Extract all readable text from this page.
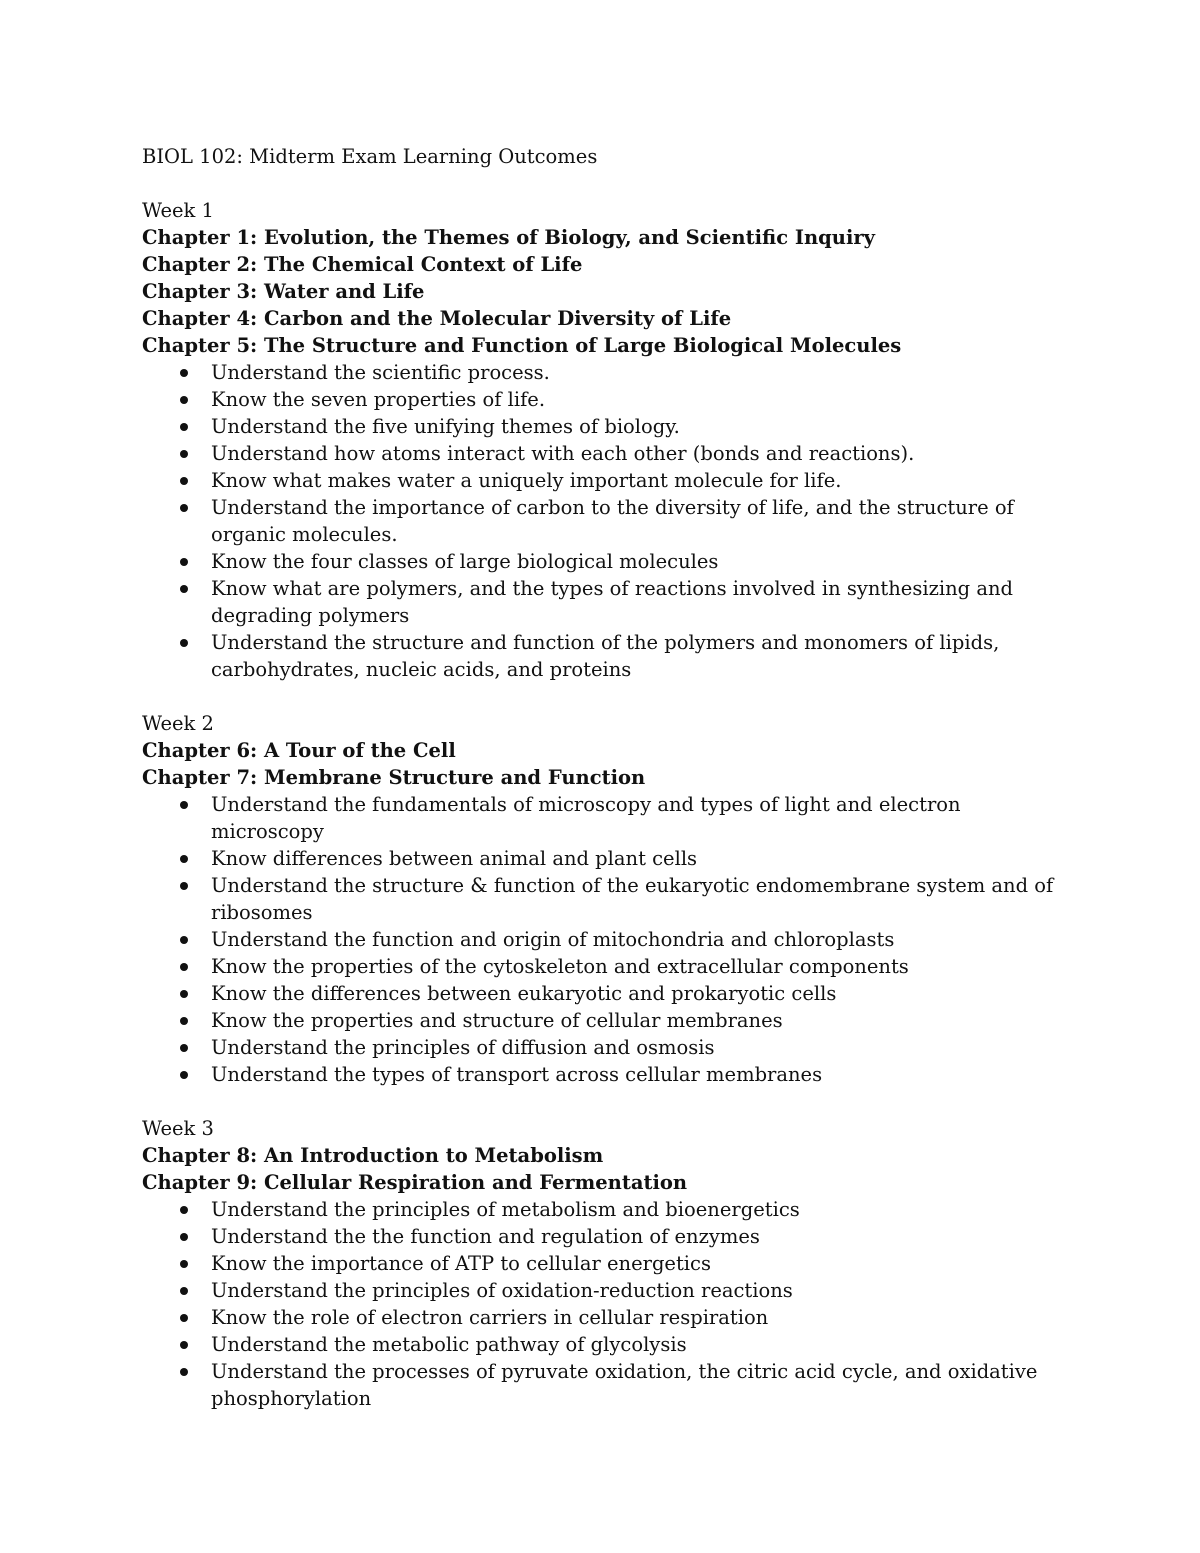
BIOL 102: Midterm Exam Learning Outcomes
Week 1
Chapter 1: Evolution, the Themes of Biology, and Scientific Inquiry
Chapter 2: The Chemical Context of Life
Chapter 3: Water and Life
Chapter 4: Carbon and the Molecular Diversity of Life
Chapter 5: The Structure and Function of Large Biological Molecules
Understand the scientific process.
Know the seven properties of life.
Understand the five unifying themes of biology.
Understand how atoms interact with each other (bonds and reactions).
Know what makes water a uniquely important molecule for life.
Understand the importance of carbon to the diversity of life, and the structure of organic molecules.
Know the four classes of large biological molecules
Know what are polymers, and the types of reactions involved in synthesizing and degrading polymers
Understand the structure and function of the polymers and monomers of lipids, carbohydrates, nucleic acids, and proteins
Week 2
Chapter 6: A Tour of the Cell
Chapter 7: Membrane Structure and Function
Understand the fundamentals of microscopy and types of light and electron microscopy
Know differences between animal and plant cells
Understand the structure & function of the eukaryotic endomembrane system and of ribosomes
Understand the function and origin of mitochondria and chloroplasts
Know the properties of the cytoskeleton and extracellular components
Know the differences between eukaryotic and prokaryotic cells
Know the properties and structure of cellular membranes
Understand the principles of diffusion and osmosis
Understand the types of transport across cellular membranes
Week 3
Chapter 8: An Introduction to Metabolism
Chapter 9: Cellular Respiration and Fermentation
Understand the principles of metabolism and bioenergetics
Understand the the function and regulation of enzymes
Know the importance of ATP to cellular energetics
Understand the principles of oxidation-reduction reactions
Know the role of electron carriers in cellular respiration
Understand the metabolic pathway of glycolysis
Understand the processes of pyruvate oxidation, the citric acid cycle, and oxidative phosphorylation
